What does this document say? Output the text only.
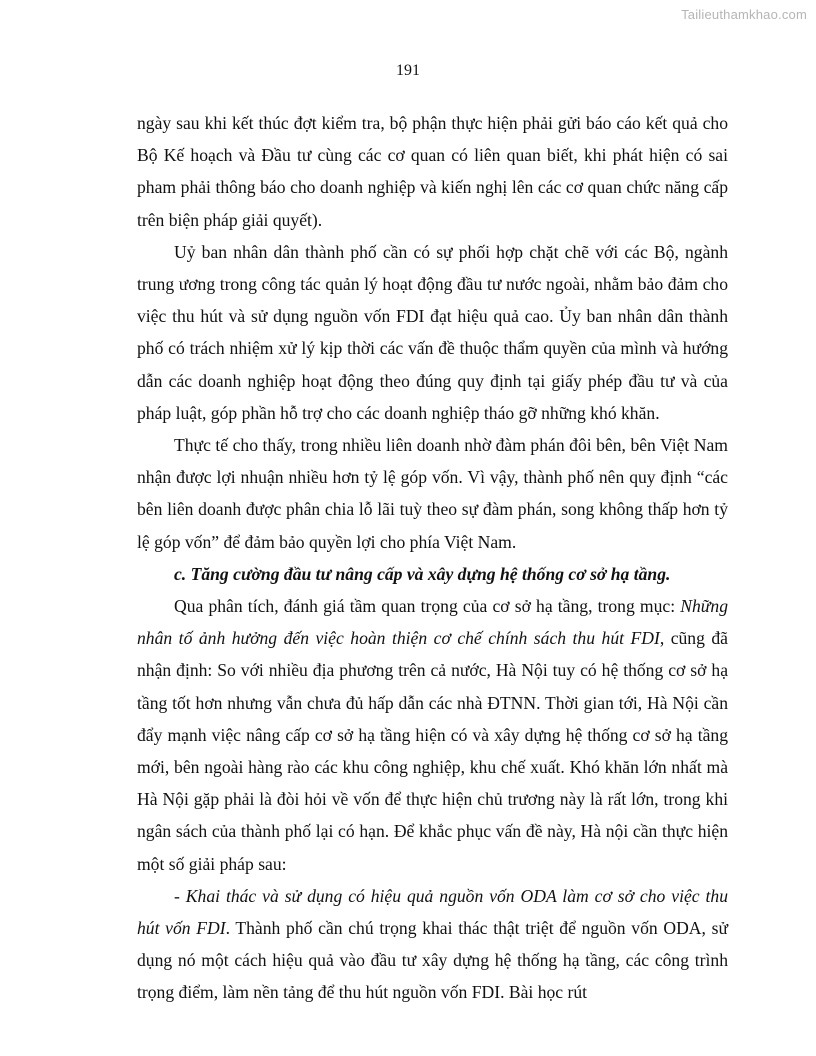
Tailieuthamkhao.com
191

ngày sau khi kết thúc đợt kiểm tra, bộ phận thực hiện phải gửi báo cáo kết quả cho Bộ Kế hoạch và Đầu tư cùng các cơ quan có liên quan biết, khi phát hiện có sai pham phải thông báo cho doanh nghiệp và kiến nghị lên các cơ quan chức năng cấp trên biện pháp giải quyết).

Uỷ ban nhân dân thành phố cần có sự phối hợp chặt chẽ với các Bộ, ngành trung ương trong công tác quản lý hoạt động đầu tư nước ngoài, nhằm bảo đảm cho việc thu hút và sử dụng nguồn vốn FDI đạt hiệu quả cao. Ủy ban nhân dân thành phố có trách nhiệm xử lý kịp thời các vấn đề thuộc thẩm quyền của mình và hướng dẫn các doanh nghiệp hoạt động theo đúng quy định tại giấy phép đầu tư và của pháp luật, góp phần hỗ trợ cho các doanh nghiệp tháo gỡ những khó khăn.

Thực tế cho thấy, trong nhiều liên doanh nhờ đàm phán đôi bên, bên Việt Nam nhận được lợi nhuận nhiều hơn tỷ lệ góp vốn. Vì vậy, thành phố nên quy định “các bên liên doanh được phân chia lỗ lãi tuỳ theo sự đàm phán, song không thấp hơn tỷ lệ góp vốn” để đảm bảo quyền lợi cho phía Việt Nam.

c. Tăng cường đầu tư nâng cấp và xây dựng hệ thống cơ sở hạ tầng.

Qua phân tích, đánh giá tầm quan trọng của cơ sở hạ tầng, trong mục: Những nhân tố ảnh hưởng đến việc hoàn thiện cơ chế chính sách thu hút FDI, cũng đã nhận định: So với nhiều địa phương trên cả nước, Hà Nội tuy có hệ thống cơ sở hạ tầng tốt hơn nhưng vẫn chưa đủ hấp dẫn các nhà ĐTNN. Thời gian tới, Hà Nội cần đẩy mạnh việc nâng cấp cơ sở hạ tầng hiện có và xây dựng hệ thống cơ sở hạ tầng mới, bên ngoài hàng rào các khu công nghiệp, khu chế xuất. Khó khăn lớn nhất mà Hà Nội gặp phải là đòi hỏi về vốn để thực hiện chủ trương này là rất lớn, trong khi ngân sách của thành phố lại có hạn. Để khắc phục vấn đề này, Hà nội cần thực hiện một số giải pháp sau:

- Khai thác và sử dụng có hiệu quả nguồn vốn ODA làm cơ sở cho việc thu hút vốn FDI. Thành phố cần chú trọng khai thác thật triệt để nguồn vốn ODA, sử dụng nó một cách hiệu quả vào đầu tư xây dựng hệ thống hạ tầng, các công trình trọng điểm, làm nền tảng để thu hút nguồn vốn FDI. Bài học rút
